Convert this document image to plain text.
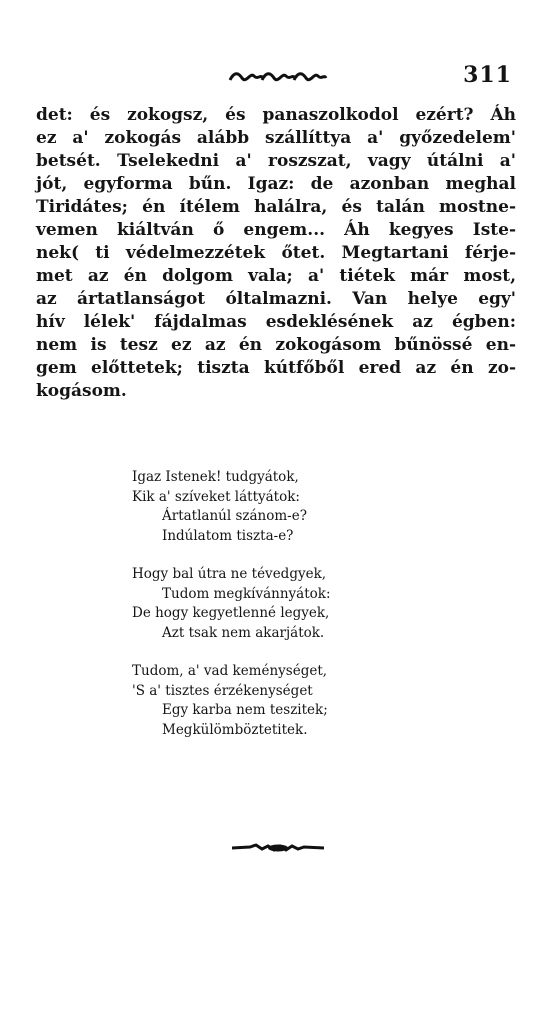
311
det: és zokogsz, és panaszolkodol ezért? Áh
ez a' zokogás alább szállíttya a' győzedelem'
betsét. Tselekedni a' roszszat, vagy útálni a'
jót, egyforma bűn. Igaz: de azonban meghal
Tiridátes; én ítélem halálra, és talán mostne-
vemen kiáltván ő engem... Áh kegyes Iste-
nek( ti védelmezzétek őtet. Megtartani férje-
met az én dolgom vala; a' tiétek már most,
az ártatlanságot óltalmazni. Van helye egy'
hív lélek' fájdalmas esdeklésének az égben:
nem is tesz ez az én zokogásom bűnössé en-
gem előttetek; tiszta kútfőből ered az én zo-
kogásom.
Igaz Istenek! tudgyátok,
Kik a' szíveket láttyátok:
Ártatlanúl szánom-e?
Indúlatom tiszta-e?
Hogy bal útra ne tévedgyek,
Tudom megkívánnyátok:
De hogy kegyetlenné legyek,
Azt tsak nem akarjátok.
Tudom, a' vad keménységet,
'S a' tisztes érzékenységet
Egy karba nem teszitek;
Megkülömböztetitek.
